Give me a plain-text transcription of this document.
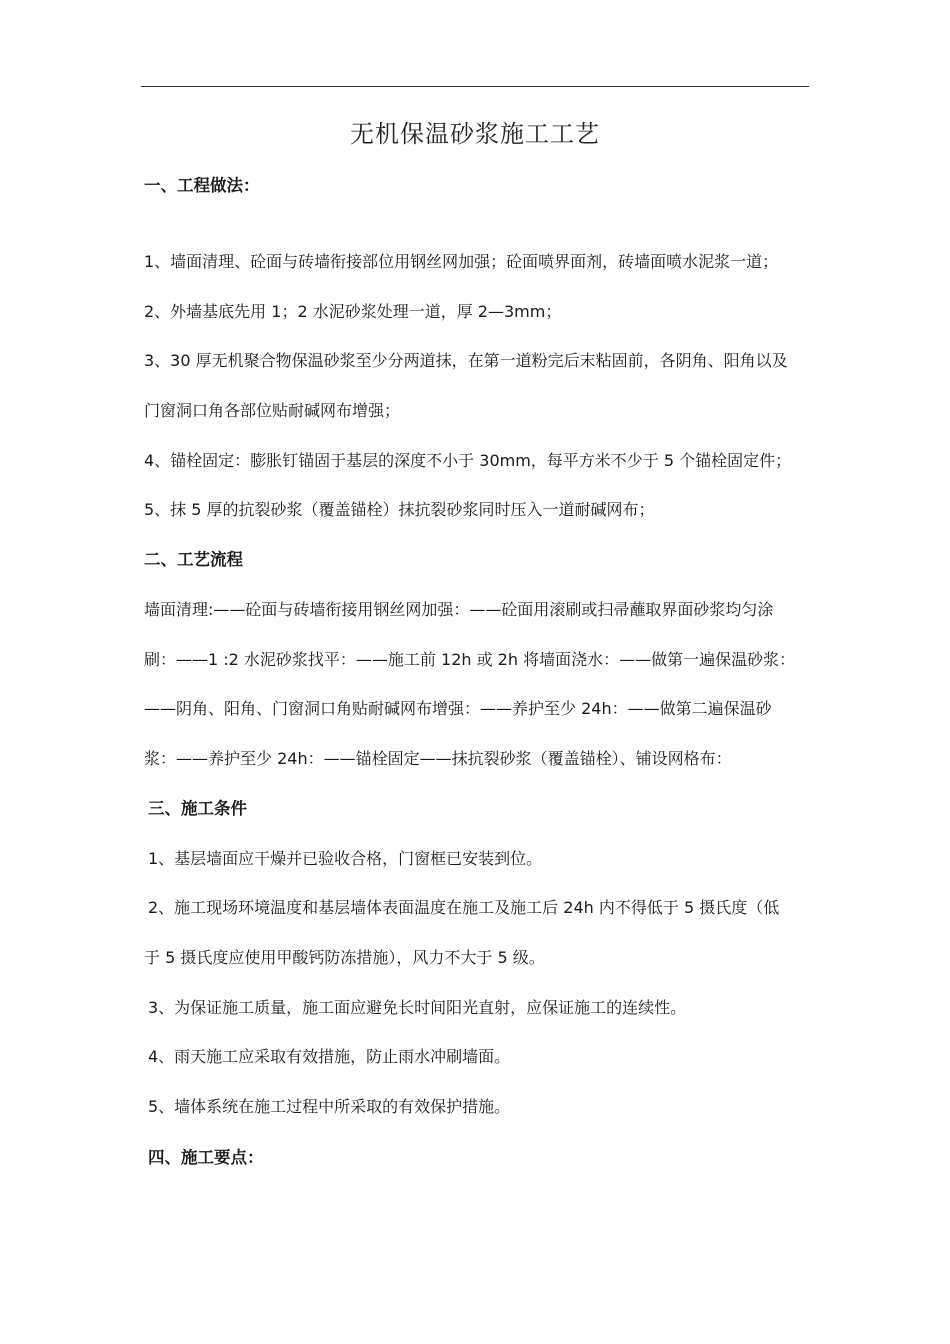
无机保温砂浆施工工艺
一、工程做法：
1、墙面清理、砼面与砖墙衔接部位用钢丝网加强；砼面喷界面剂，砖墙面喷水泥浆一道；
2、外墙基底先用 1；2 水泥砂浆处理一道，厚 2—3mm；
3、30 厚无机聚合物保温砂浆至少分两道抹，在第一道粉完后末粘固前，各阴角、阳角以及
门窗洞口角各部位贴耐碱网布增强；
4、锚栓固定：膨胀钉锚固于基层的深度不小于 30mm，每平方米不少于 5 个锚栓固定件；
5、抹 5 厚的抗裂砂浆（覆盖锚栓）抹抗裂砂浆同时压入一道耐碱网布；
二、工艺流程
墙面清理:——砼面与砖墙衔接用钢丝网加强：——砼面用滚刷或扫帚蘸取界面砂浆均匀涂
刷：——1 :2 水泥砂浆找平：——施工前 12h 或 2h 将墙面浇水：——做第一遍保温砂浆：
——阴角、阳角、门窗洞口角贴耐碱网布增强：——养护至少 24h：——做第二遍保温砂
浆：——养护至少 24h：——锚栓固定——抹抗裂砂浆（覆盖锚栓）、铺设网格布：
三、施工条件
1、基层墙面应干燥并已验收合格，门窗框已安装到位。
2、施工现场环境温度和基层墙体表面温度在施工及施工后 24h 内不得低于 5 摄氏度（低
于 5 摄氏度应使用甲酸钙防冻措施），风力不大于 5 级。
3、为保证施工质量，施工面应避免长时间阳光直射，应保证施工的连续性。
4、雨天施工应采取有效措施，防止雨水冲刷墙面。
5、墙体系统在施工过程中所采取的有效保护措施。
四、施工要点：
